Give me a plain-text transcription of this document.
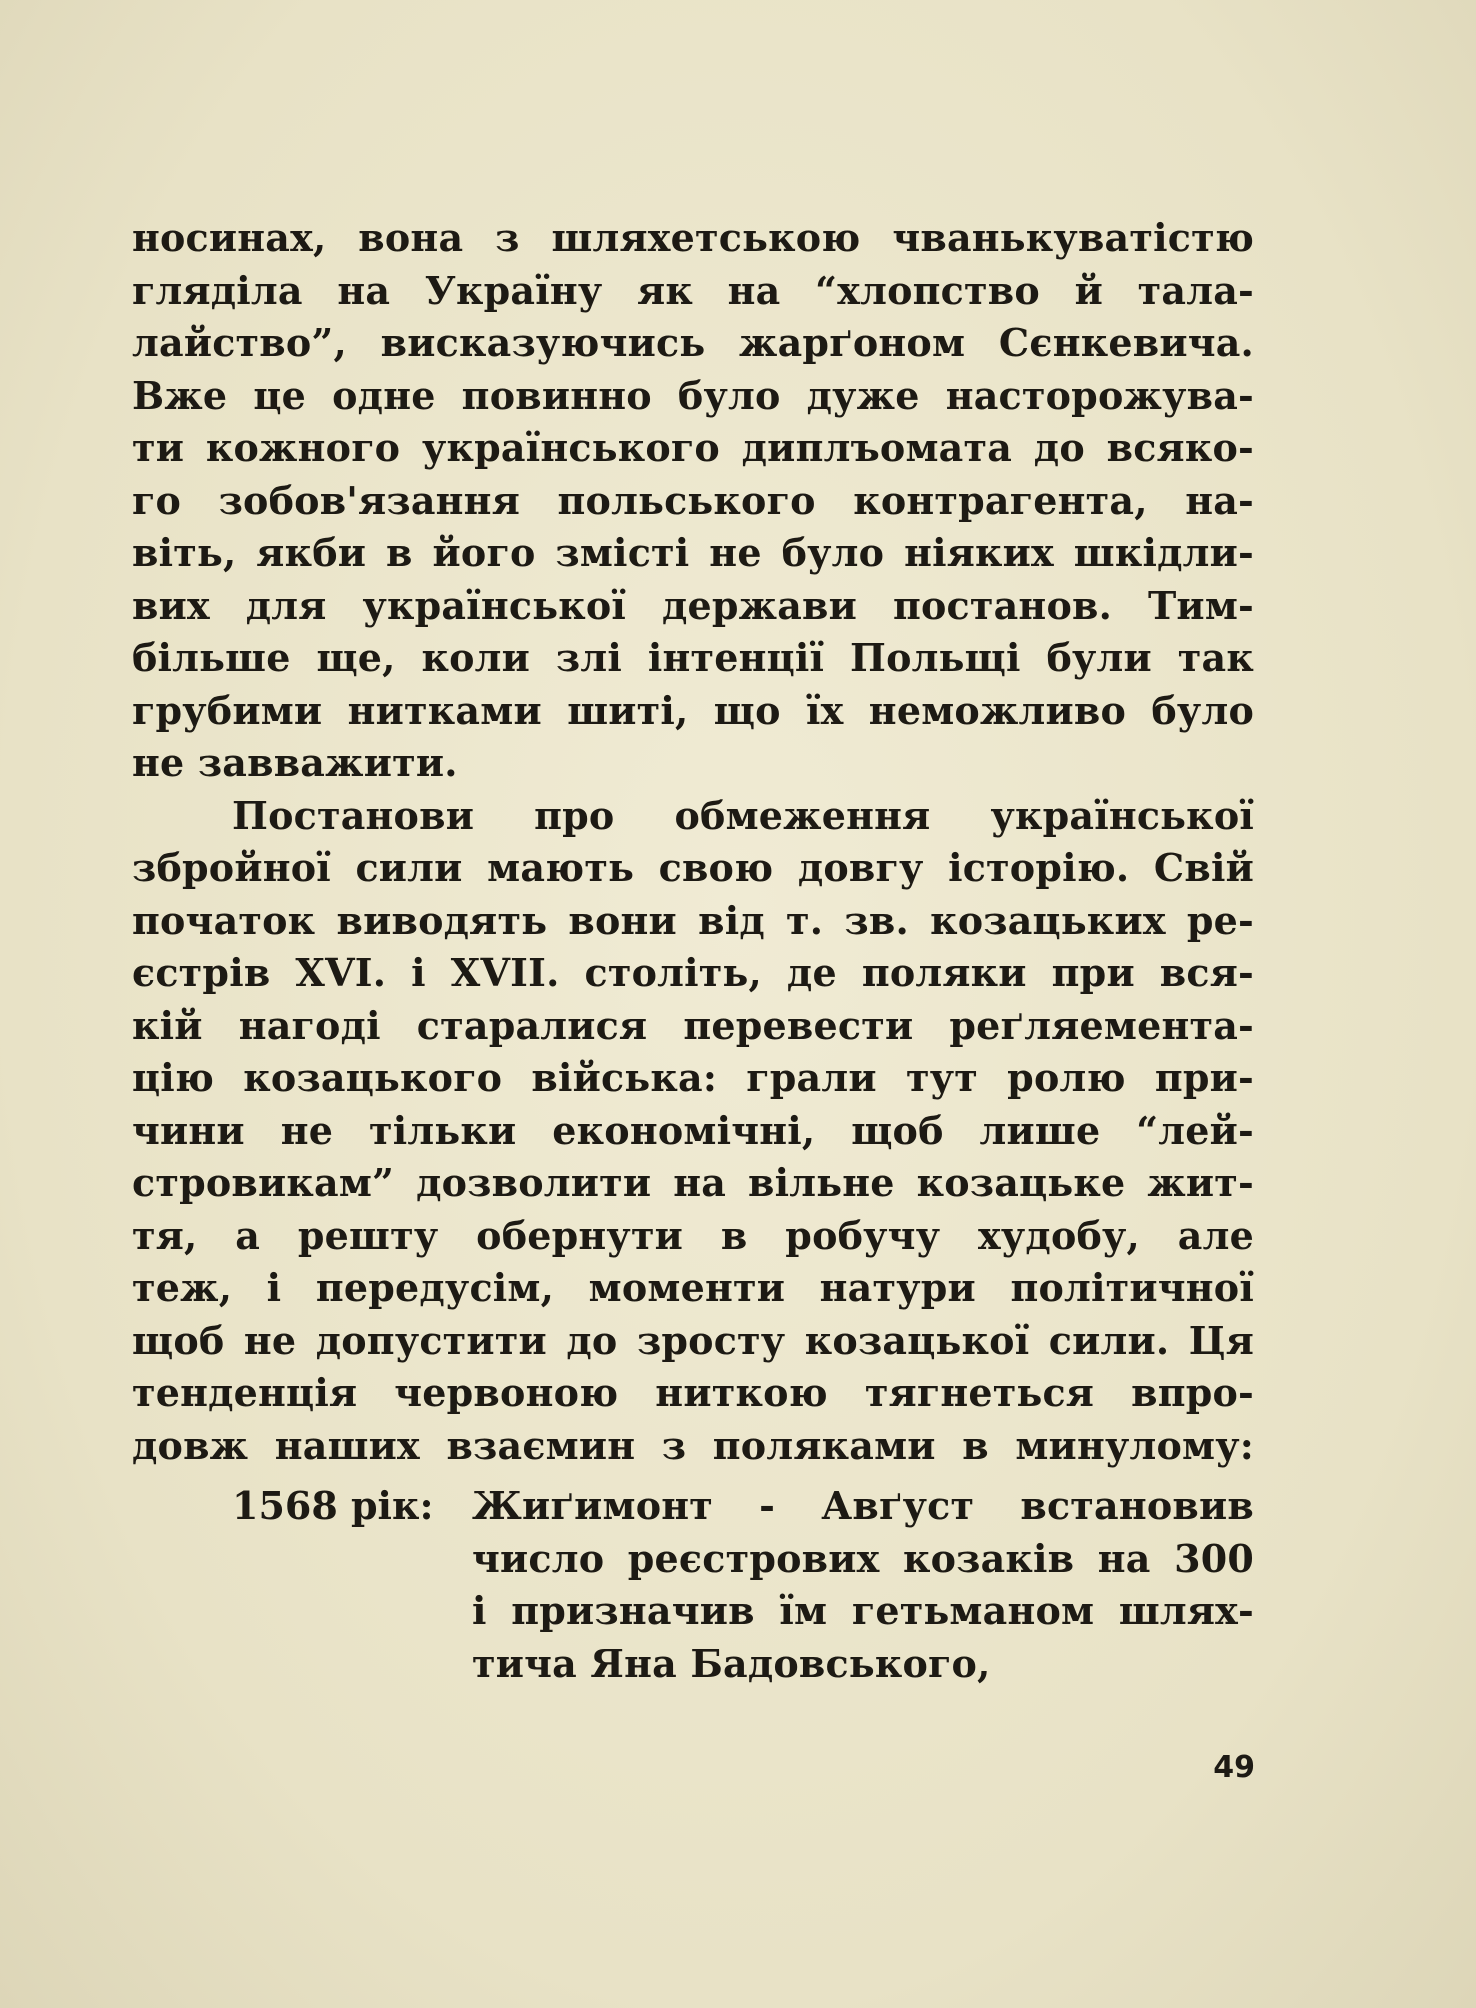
носинах, вона з шляхетською чванькуватістю
гляділа на Україну як на “хлопство й тала-
лайство”, висказуючись жарґоном Сєнкевича.
Вже це одне повинно було дуже насторожува-
ти кожного українського диплъомата до всяко-
го зобов'язання польського контрагента, на-
віть, якби в його змісті не було ніяких шкідли-
вих для української держави постанов. Тим-
більше ще, коли злі інтенції Польщі були так
грубими нитками шиті, що їх неможливо було
не завважити.
Постанови про обмеження української
збройної сили мають свою довгу історію. Свій
початок виводять вони від т. зв. козацьких ре-
єстрів XVI. і XVII. століть, де поляки при вся-
кій нагоді старалися перевести реґляемента-
цію козацького війська: грали тут ролю при-
чини не тільки економічні, щоб лише “лей-
стровикам” дозволити на вільне козацьке жит-
тя, а решту обернути в робучу худобу, але
теж, і передусім, моменти натури політичної
щоб не допустити до зросту козацької сили. Ця
тенденція червоною ниткою тягнеться впро-
довж наших взаємин з поляками в минулому:
1568 рік:	Жиґимонт - Авґуст встановив
число реєстрових козаків на 300
і призначив їм гетьманом шлях-
тича Яна Бадовського,
49
